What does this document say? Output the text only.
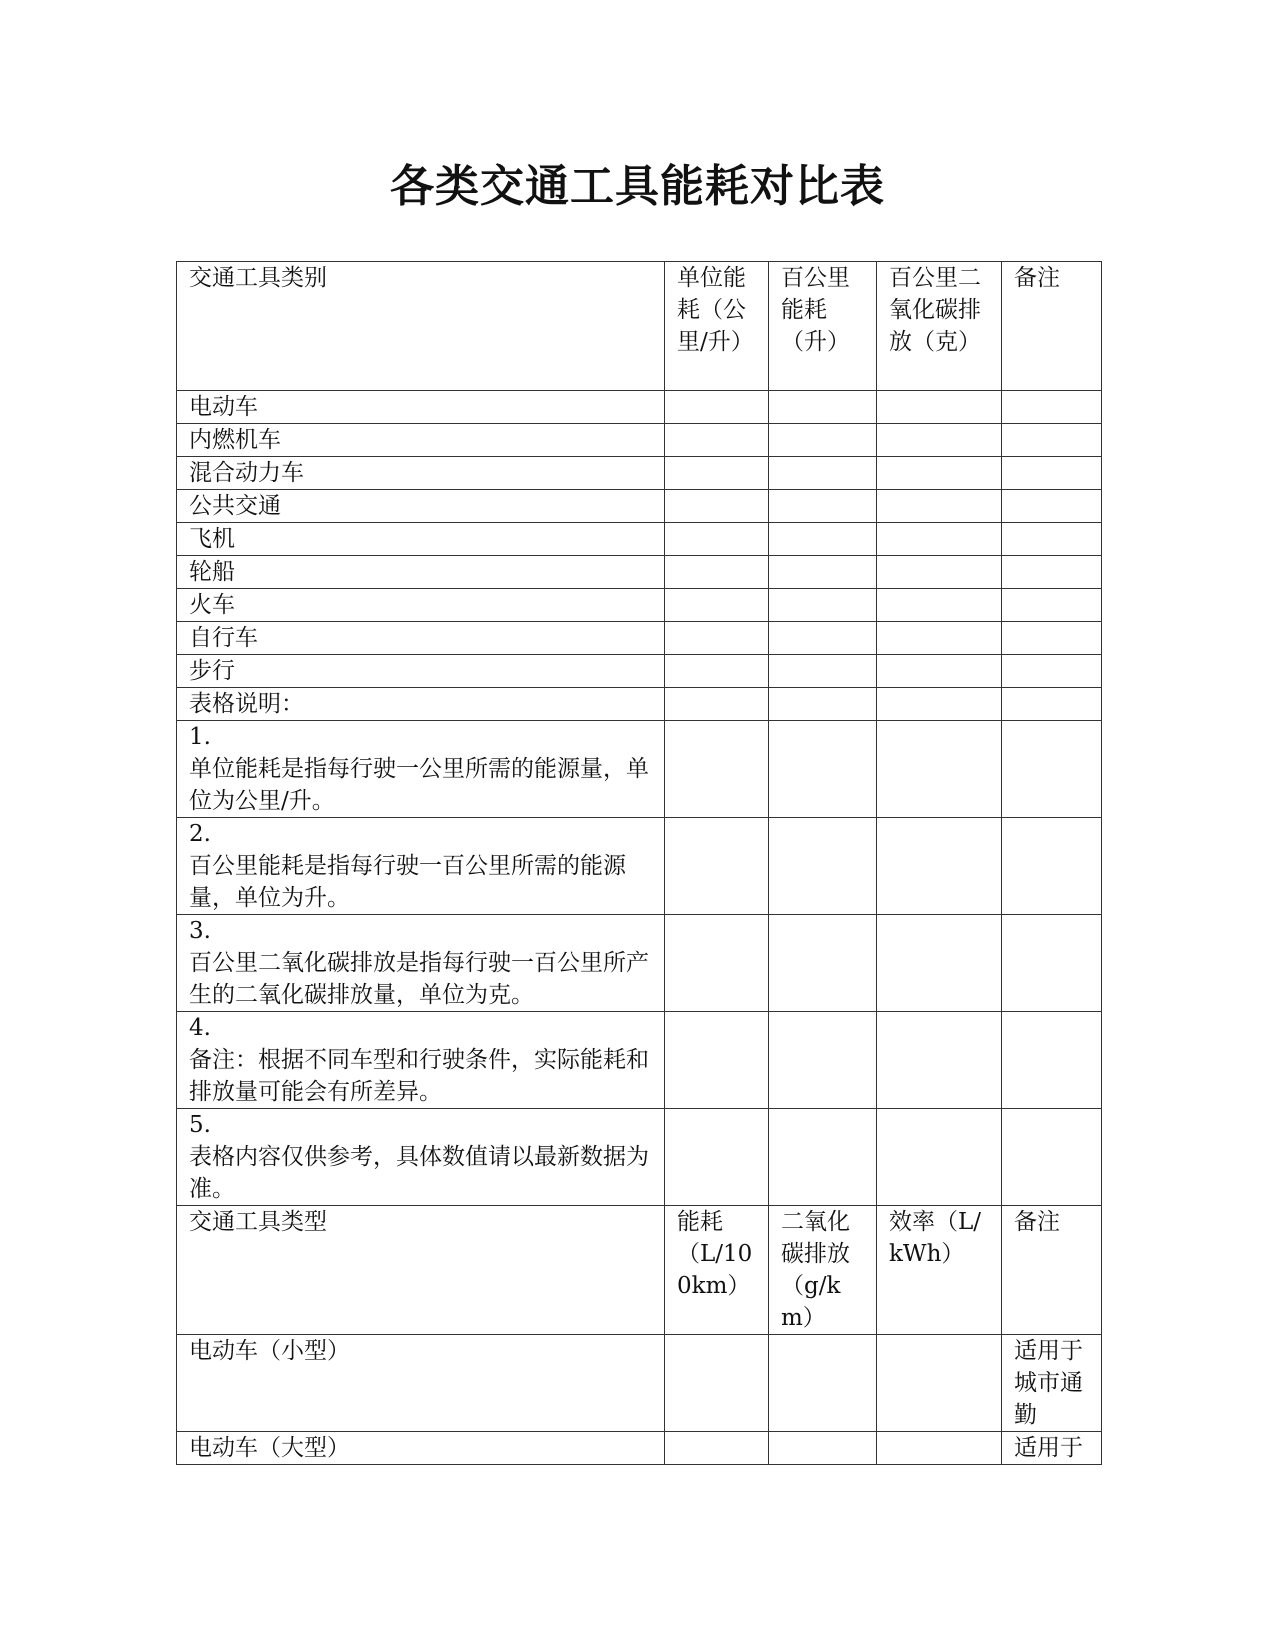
各类交通工具能耗对比表
交通工具类别	单位能耗（公里/升）	百公里能耗（升）	百公里二氧化碳排放（克）	备注
电动车				
内燃机车				
混合动力车				
公共交通				
飞机				
轮船				
火车				
自行车				
步行				
表格说明：				

1.
单位能耗是指每行驶一公里所需的能源量，单位为公里/升。				

2.
百公里能耗是指每行驶一百公里所需的能源量，单位为升。				

3.
百公里二氧化碳排放是指每行驶一百公里所产生的二氧化碳排放量，单位为克。				

4.
备注：根据不同车型和行驶条件，实际能耗和排放量可能会有所差异。				

5.
表格内容仅供参考，具体数值请以最新数据为准。				

交通工具类型	能耗（L/100km）	二氧化碳排放（g/km）	效率（L/kWh）	备注
电动车（小型）				适用于城市通勤
电动车（大型）				适用于
